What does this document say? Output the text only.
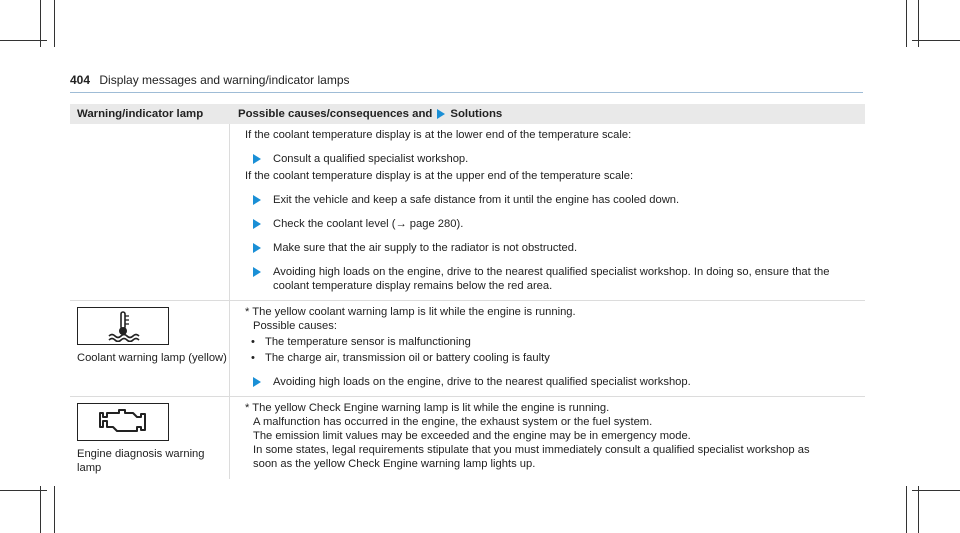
404 Display messages and warning/indicator lamps
Warning/indicator lamp	Possible causes/consequences and Solutions

If the coolant temperature display is at the lower end of the temperature scale:

Consult a qualified specialist workshop.

If the coolant temperature display is at the upper end of the temperature scale:

Exit the vehicle and keep a safe distance from it until the engine has cooled down.
Check the coolant level (→ page 280).
Make sure that the air supply to the radiator is not obstructed.
Avoiding high loads on the engine, drive to the nearest qualified specialist workshop. In doing so, ensure that the
coolant temperature display remains below the red area.
Coolant warning lamp (yellow)

* The yellow coolant warning lamp is lit while the engine is running.

Possible causes:

• The temperature sensor is malfunctioning
• The charge air, transmission oil or battery cooling is faulty
Avoiding high loads on the engine, drive to the nearest qualified specialist workshop.
Engine diagnosis warning lamp

* The yellow Check Engine warning lamp is lit while the engine is running.

A malfunction has occurred in the engine, the exhaust system or the fuel system.

The emission limit values may be exceeded and the engine may be in emergency mode.

In some states, legal requirements stipulate that you must immediately consult a qualified specialist workshop as

soon as the yellow Check Engine warning lamp lights up.
